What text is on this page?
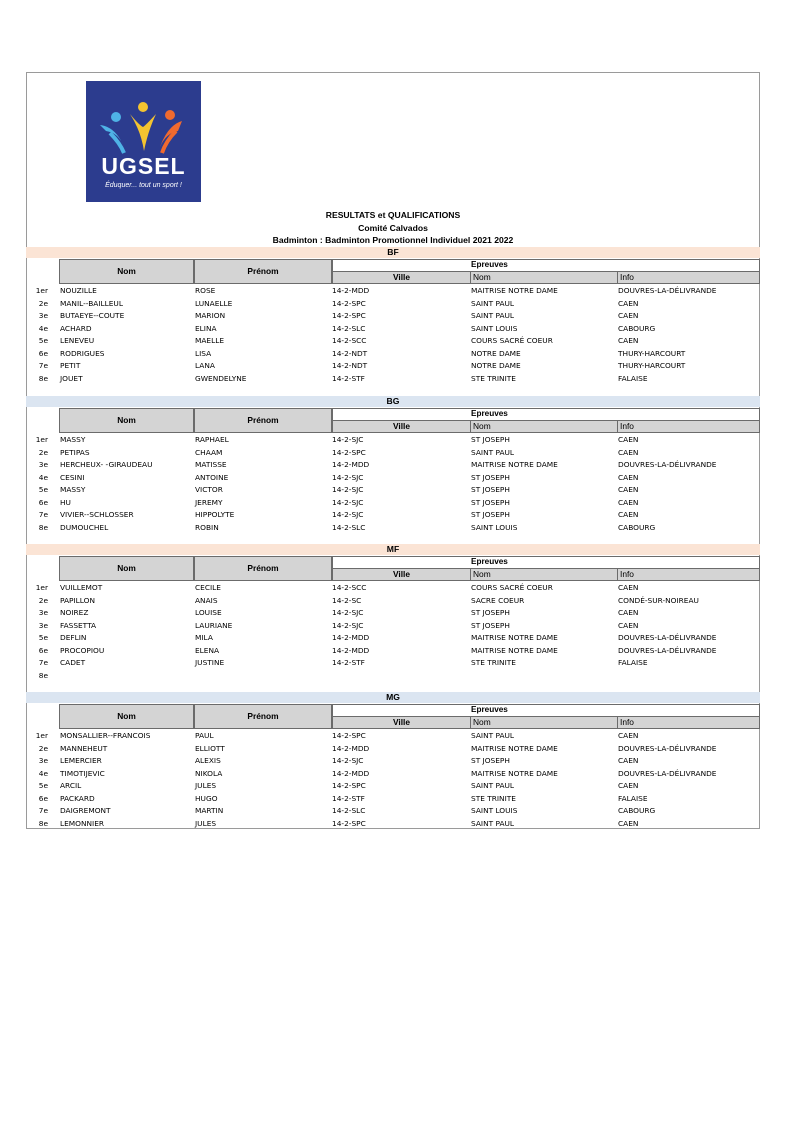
UGSEL
Éduquer... tout un sport !
RESULTATS et QUALIFICATIONS
Comité Calvados
Badminton : Badminton Promotionnel Individuel 2021 2022
BF
Nom	Prénom
Epreuves
Ville	Nom	Info
1er NOUZILLE	ROSE	14-2-MDD	MAITRISE NOTRE DAME	DOUVRES-LA-DÉLIVRANDE
2e MANIL--BAILLEUL	LUNAELLE	14-2-SPC	SAINT PAUL	CAEN
3e BUTAEYE--COUTE	MARION	14-2-SPC	SAINT PAUL	CAEN
4e ACHARD	ELINA	14-2-SLC	SAINT LOUIS	CABOURG
5e LENEVEU	MAELLE	14-2-SCC	COURS SACRÉ COEUR	CAEN
6e RODRIGUES	LISA	14-2-NDT	NOTRE DAME	THURY-HARCOURT
7e PETIT	LANA	14-2-NDT	NOTRE DAME	THURY-HARCOURT
8e JOUET	GWENDELYNE	14-2-STF	STE TRINITE	FALAISE
BG
Nom	Prénom
Epreuves
Ville	Nom	Info
1er MASSY	RAPHAEL	14-2-SJC	ST JOSEPH	CAEN
2e PETIPAS	CHAAM	14-2-SPC	SAINT PAUL	CAEN
3e HERCHEUX- -GIRAUDEAU	MATISSE	14-2-MDD	MAITRISE NOTRE DAME	DOUVRES-LA-DÉLIVRANDE
4e CESINI	ANTOINE	14-2-SJC	ST JOSEPH	CAEN
5e MASSY	VICTOR	14-2-SJC	ST JOSEPH	CAEN
6e HU	JEREMY	14-2-SJC	ST JOSEPH	CAEN
7e VIVIER--SCHLOSSER	HIPPOLYTE	14-2-SJC	ST JOSEPH	CAEN
8e DUMOUCHEL	ROBIN	14-2-SLC	SAINT LOUIS	CABOURG
MF
Nom	Prénom
Epreuves
Ville	Nom	Info
1er VUILLEMOT	CECILE	14-2-SCC	COURS SACRÉ COEUR	CAEN
2e PAPILLON	ANAIS	14-2-SC	SACRE COEUR	CONDÉ-SUR-NOIREAU
3e NOIREZ	LOUISE	14-2-SJC	ST JOSEPH	CAEN
3e FASSETTA	LAURIANE	14-2-SJC	ST JOSEPH	CAEN
5e DEFLIN	MILA	14-2-MDD	MAITRISE NOTRE DAME	DOUVRES-LA-DÉLIVRANDE
6e PROCOPIOU	ELENA	14-2-MDD	MAITRISE NOTRE DAME	DOUVRES-LA-DÉLIVRANDE
7e CADET	JUSTINE	14-2-STF	STE TRINITE	FALAISE
8e
MG
Nom	Prénom
Epreuves
Ville	Nom	Info
1er MONSALLIER--FRANCOIS	PAUL	14-2-SPC	SAINT PAUL	CAEN
2e MANNEHEUT	ELLIOTT	14-2-MDD	MAITRISE NOTRE DAME	DOUVRES-LA-DÉLIVRANDE
3e LEMERCIER	ALEXIS	14-2-SJC	ST JOSEPH	CAEN
4e TIMOTIJEVIC	NIKOLA	14-2-MDD	MAITRISE NOTRE DAME	DOUVRES-LA-DÉLIVRANDE
5e ARCIL	JULES	14-2-SPC	SAINT PAUL	CAEN
6e PACKARD	HUGO	14-2-STF	STE TRINITE	FALAISE
7e DAIGREMONT	MARTIN	14-2-SLC	SAINT LOUIS	CABOURG
8e LEMONNIER	JULES	14-2-SPC	SAINT PAUL	CAEN
